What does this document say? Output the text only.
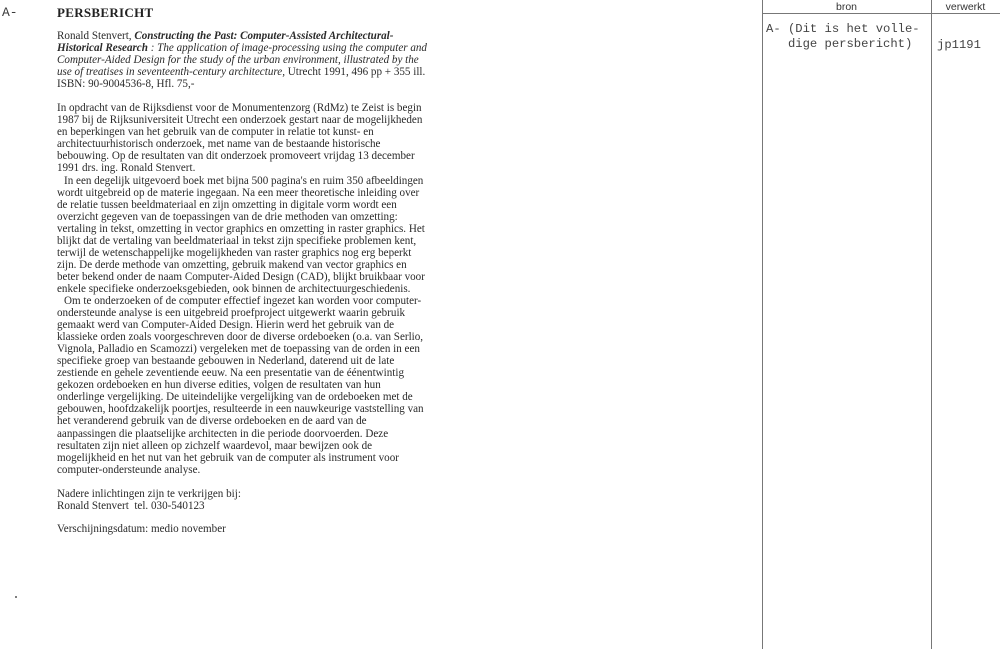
A-	PERSBERICHT

Ronald Stenvert, Constructing the Past: Computer-Assisted Architectural-Historical Research : The application of image-processing using the computer and Computer-Aided Design for the study of the urban environment, illustrated by the use of treatises in seventeenth-century architecture, Utrecht 1991, 496 pp + 355 ill. ISBN: 90-9004536-8, Hfl. 75,-

In opdracht van de Rijksdienst voor de Monumentenzorg (RdMz) te Zeist is begin 1987 bij de Rijksuniversiteit Utrecht een onderzoek gestart naar de mogelijkheden en beperkingen van het gebruik van de computer in relatie tot kunst- en architectuurhistorisch onderzoek, met name van de bestaande historische bebouwing. Op de resultaten van dit onderzoek promoveert vrijdag 13 december 1991 drs. ing. Ronald Stenvert.

In een degelijk uitgevoerd boek met bijna 500 pagina's en ruim 350 afbeeldingen wordt uitgebreid op de materie ingegaan. Na een meer theoretische inleiding over de relatie tussen beeldmateriaal en zijn omzetting in digitale vorm wordt een overzicht gegeven van de toepassingen van de drie methoden van omzetting: vertaling in tekst, omzetting in vector graphics en omzetting in raster graphics. Het blijkt dat de vertaling van beeldmateriaal in tekst zijn specifieke problemen kent, terwijl de wetenschappelijke mogelijkheden van raster graphics nog erg beperkt zijn. De derde methode van omzetting, gebruik makend van vector graphics en beter bekend onder de naam Computer-Aided Design (CAD), blijkt bruikbaar voor enkele specifieke onderzoeksgebieden, ook binnen de architectuurgeschiedenis.

Om te onderzoeken of de computer effectief ingezet kan worden voor computer-ondersteunde analyse is een uitgebreid proefproject uitgewerkt waarin gebruik gemaakt werd van Computer-Aided Design. Hierin werd het gebruik van de klassieke orden zoals voorgeschreven door de diverse ordeboeken (o.a. van Serlio, Vignola, Palladio en Scamozzi) vergeleken met de toepassing van de orden in een specifieke groep van bestaande gebouwen in Nederland, daterend uit de late zestiende en gehele zeventiende eeuw. Na een presentatie van de éénentwintig gekozen ordeboeken en hun diverse edities, volgen de resultaten van hun onderlinge vergelijking. De uiteindelijke vergelijking van de ordeboeken met de gebouwen, hoofdzakelijk poortjes, resulteerde in een nauwkeurige vaststelling van het veranderend gebruik van de diverse ordeboeken en de aard van de aanpassingen die plaatselijke architecten in die periode doorvoerden. Deze resultaten zijn niet alleen op zichzelf waardevol, maar bewijzen ook de mogelijkheid en het nut van het gebruik van de computer als instrument voor computer-ondersteunde analyse.

Nadere inlichtingen zijn te verkrijgen bij:

Ronald Stenvert  tel. 030-540123

Verschijningsdatum: medio november

bron	verwerkt
A- (Dit is het volle-
dige persbericht)	jp1191
